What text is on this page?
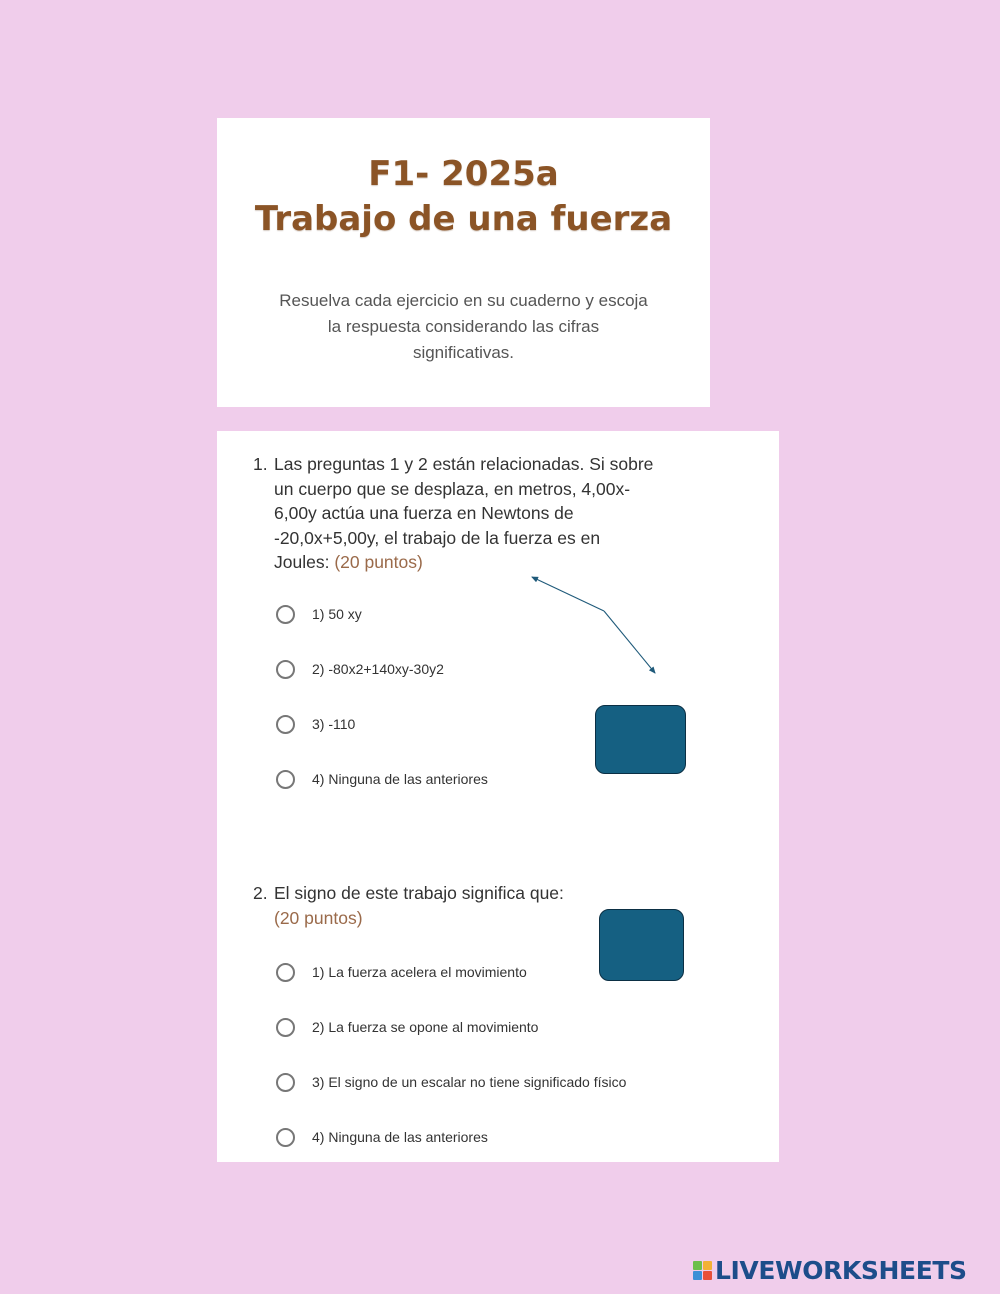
F1- 2025a
Trabajo de una fuerza
Resuelva cada ejercicio en su cuaderno y escoja
la respuesta considerando las cifras
significativas.
1. Las preguntas 1 y 2 están relacionadas. Si sobre
un cuerpo que se desplaza, en metros, 4,00x-
6,00y actúa una fuerza en Newtons de
-20,0x+5,00y, el trabajo de la fuerza es en
Joules: (20 puntos)
1) 50 xy
2) -80x2+140xy-30y2
3) -110
4) Ninguna de las anteriores
2. El signo de este trabajo significa que:
(20 puntos)
1) La fuerza acelera el movimiento
2) La fuerza se opone al movimiento
3) El signo de un escalar no tiene significado físico
4) Ninguna de las anteriores
LIVEWORKSHEETS
